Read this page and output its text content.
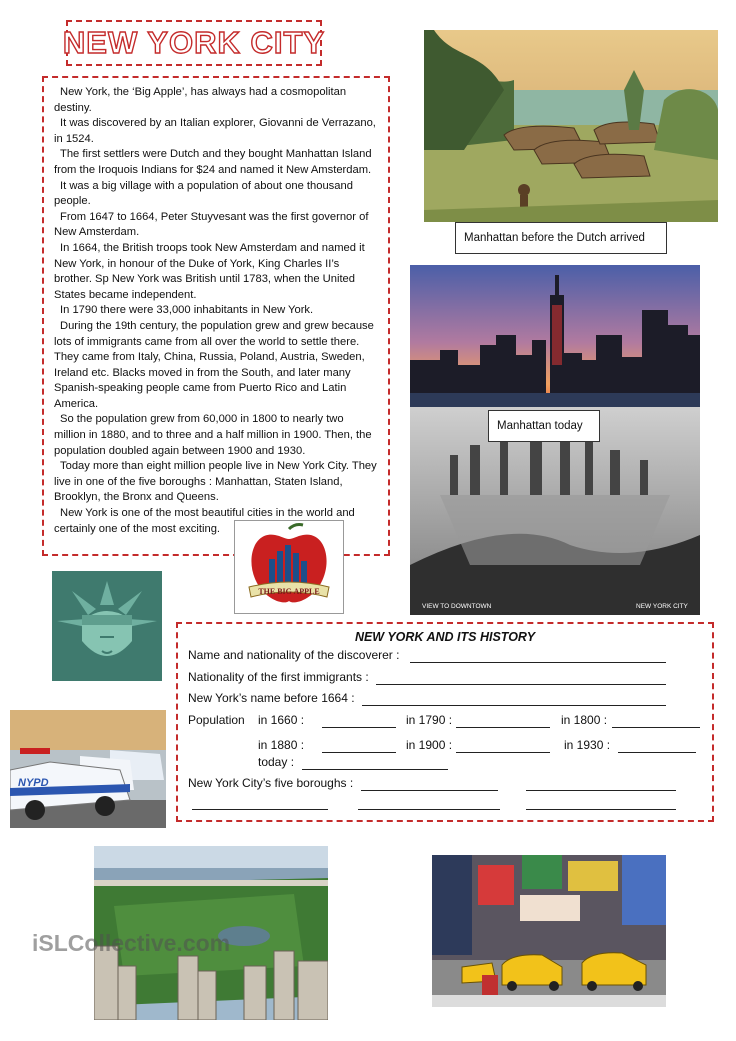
NEW YORK CITY

New York, the ‘Big Apple’, has always had a cosmopolitan destiny.

It was discovered by an Italian explorer, Giovanni de Verrazano, in 1524.

The first settlers were Dutch and they bought Manhattan Island from the Iroquois Indians for $24 and named it New Amsterdam.

It was a big village with a population of about one thousand people.

From 1647 to 1664, Peter Stuyvesant was the first governor of New Amsterdam.

In 1664, the British troops took New Amsterdam and named it New York, in honour of the Duke of York, King Charles II’s brother. Sp New York was British until 1783, when the United States became independent.

In 1790 there were 33,000 inhabitants in New York.

During the 19th century, the population grew and grew because lots of immigrants came from all over the world to settle there. They came from Italy, China, Russia, Poland, Austria, Sweden, Ireland etc. Blacks moved in from the South, and later many Spanish-speaking people came from Puerto Rico and Latin America.

So the population grew from 60,000 in 1800 to nearly two million in 1880, and to three and a half million in 1900. Then, the population doubled again between 1900 and 1930.

Today more than eight million people live in New York City. They live in one of the five boroughs : Manhattan, Staten Island, Brooklyn, the Bronx and Queens.

New York is one of the most beautiful cities in the world and certainly one of the most exciting.

Manhattan before the Dutch arrived
VIEW TO DOWNTOWN	NEW YORK CITY
Manhattan today
THE BIG APPLE
NYPD
NEW YORK AND ITS HISTORY
Name and nationality of the discoverer :
Nationality of the first immigrants :
New York’s name before 1664 :
Population in 1660 :	in 1790 :	in 1800 :
in 1880 :	in 1900 :	in 1930 :
today :
New York City’s five boroughs :
iSLCollective.com
